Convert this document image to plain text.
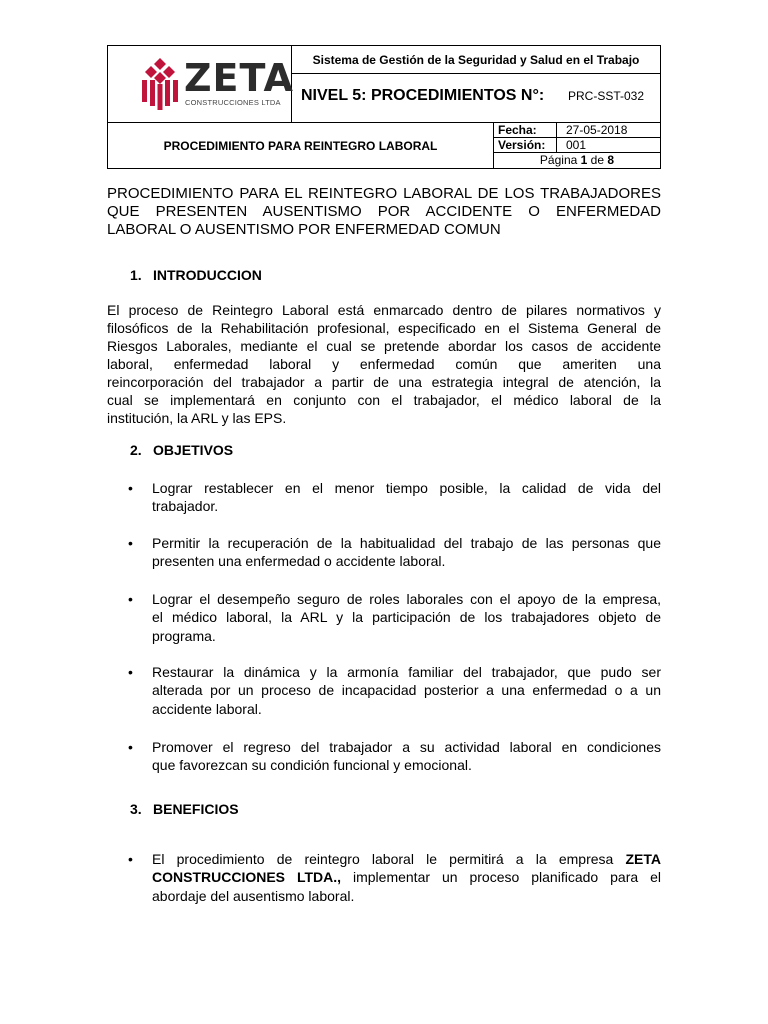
ZETA
CONSTRUCCIONES LTDA
Sistema de Gestión de la Seguridad y Salud en el Trabajo
NIVEL 5: PROCEDIMIENTOS N°: PRC-SST-032
PROCEDIMIENTO PARA REINTEGRO LABORAL
Fecha:	27-05-2018
Versión:	001
Página 1 de 8
PROCEDIMIENTO PARA EL REINTEGRO LABORAL DE LOS TRABAJADORES
QUE PRESENTEN AUSENTISMO POR ACCIDENTE O ENFERMEDAD
LABORAL O AUSENTISMO POR ENFERMEDAD COMUN
1. INTRODUCCION
El proceso de Reintegro Laboral está enmarcado dentro de pilares normativos y
filosóficos de la Rehabilitación profesional, especificado en el Sistema General de
Riesgos Laborales, mediante el cual se pretende abordar los casos de accidente
laboral, enfermedad laboral y enfermedad común que ameriten una
reincorporación del trabajador a partir de una estrategia integral de atención, la
cual se implementará en conjunto con el trabajador, el médico laboral de la
institución, la ARL y las EPS.
2. OBJETIVOS
• Lograr restablecer en el menor tiempo posible, la calidad de vida del
trabajador.
• Permitir la recuperación de la habitualidad del trabajo de las personas que
presenten una enfermedad o accidente laboral.
• Lograr el desempeño seguro de roles laborales con el apoyo de la empresa,
el médico laboral, la ARL y la participación de los trabajadores objeto de
programa.
• Restaurar la dinámica y la armonía familiar del trabajador, que pudo ser
alterada por un proceso de incapacidad posterior a una enfermedad o a un
accidente laboral.
• Promover el regreso del trabajador a su actividad laboral en condiciones
que favorezcan su condición funcional y emocional.
3. BENEFICIOS
• El procedimiento de reintegro laboral le permitirá a la empresa ZETA
CONSTRUCCIONES LTDA., implementar un proceso planificado para el
abordaje del ausentismo laboral.
